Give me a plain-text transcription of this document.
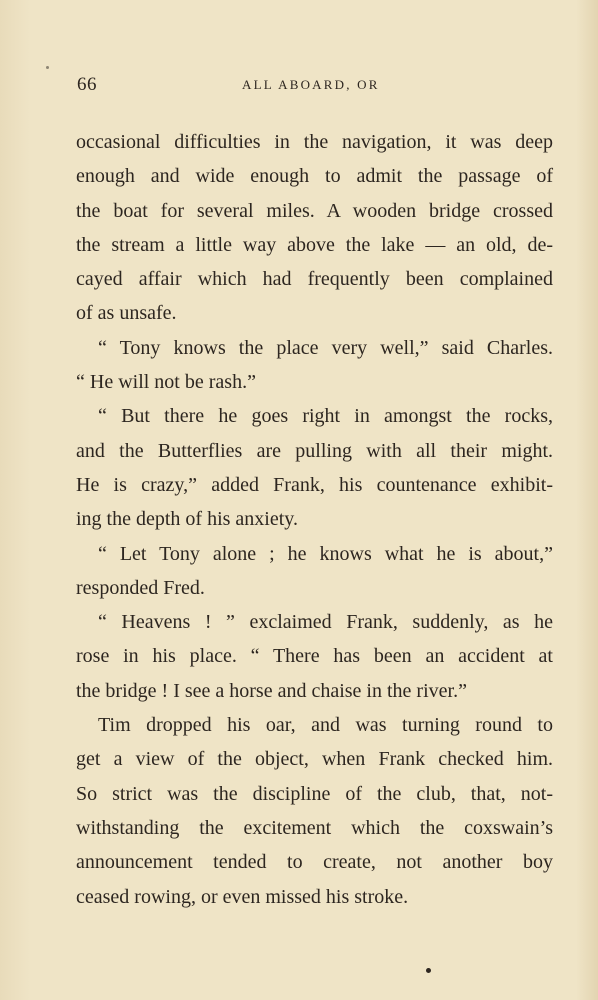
66	ALL ABOARD, OR
occasional difficulties in the navigation, it was deep
enough and wide enough to admit the passage of
the boat for several miles. A wooden bridge crossed
the stream a little way above the lake — an old, de-
cayed affair which had frequently been complained
of as unsafe.
“ Tony knows the place very well,” said Charles.
“ He will not be rash.”
“ But there he goes right in amongst the rocks,
and the Butterflies are pulling with all their might.
He is crazy,” added Frank, his countenance exhibit-
ing the depth of his anxiety.
“ Let Tony alone ; he knows what he is about,”
responded Fred.
“ Heavens ! ” exclaimed Frank, suddenly, as he
rose in his place. “ There has been an accident at
the bridge ! I see a horse and chaise in the river.”
Tim dropped his oar, and was turning round to
get a view of the object, when Frank checked him.
So strict was the discipline of the club, that, not-
withstanding the excitement which the coxswain’s
announcement tended to create, not another boy
ceased rowing, or even missed his stroke.
